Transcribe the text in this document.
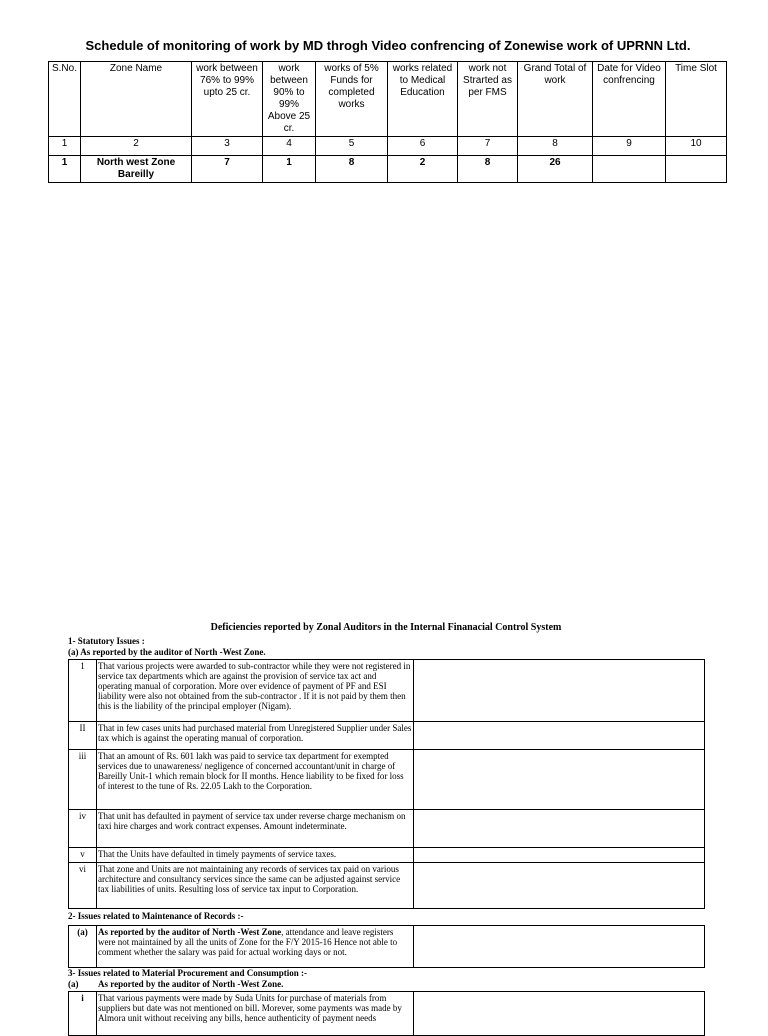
Schedule of monitoring of work by MD throgh Video confrencing of Zonewise work of UPRNN Ltd.
S.No.	Zone Name	work between 76% to 99% upto 25 cr.	work between 90% to 99% Above 25 cr.	works of 5% Funds for completed works	works related to Medical Education	work not Strarted as per FMS	Grand Total of work	Date for Video confrencing	Time Slot
1	2	3	4	5	6	7	8	9	10
1	North west Zone Bareilly	7	1	8	2	8	26		
Deficiencies reported by Zonal Auditors in the Internal Finanacial Control System
1- Statutory Issues :
(a) As reported by the auditor of North -West Zone.
1	That various projects were awarded to sub-contractor while they were not registered in service tax departments which are against the provision of service tax act and operating manual of corporation. More over evidence of payment of PF and ESI liability were also not obtained from the sub-contractor . If it is not paid by them then this is the liability of the principal employer (Nigam).	
II	That in few cases units had purchased material from Unregistered Supplier under Sales tax which is against the operating manual of corporation.	
iii	That an amount of Rs. 601 lakh was paid to service tax department for exempted services due to unawareness/ negligence of concerned accountant/unit in charge of Bareilly Unit-1 which remain block for II months. Hence liability to be fixed for loss of interest to the tune of Rs. 22.05 Lakh to the Corporation.	
iv	That unit has defaulted in payment of service tax under reverse charge mechanism on taxi hire charges and work contract expenses. Amount indeterminate.	
v	That the Units have defaulted in timely payments of service taxes.	
vi	That zone and Units are not maintaining any records of services tax paid on various architecture and consultancy services since the same can be adjusted against service tax liabilities of units. Resulting loss of service tax input to Corporation.	
2- Issues related to Maintenance of Records :-
(a)	As reported by the auditor of North -West Zone, attendance and leave registers were not maintained by all the units of Zone for the F/Y 2015-16 Hence not able to comment whether the salary was paid for actual working days or not.	
3- Issues related to Material Procurement and Consumption :-
(a) As reported by the auditor of North -West Zone.
i	That various payments were made by Suda Units for purchase of materials from suppliers but date was not mentioned on bill. Morever, some payments was made by Almora unit without receiving any bills, hence authenticity of payment needs	
